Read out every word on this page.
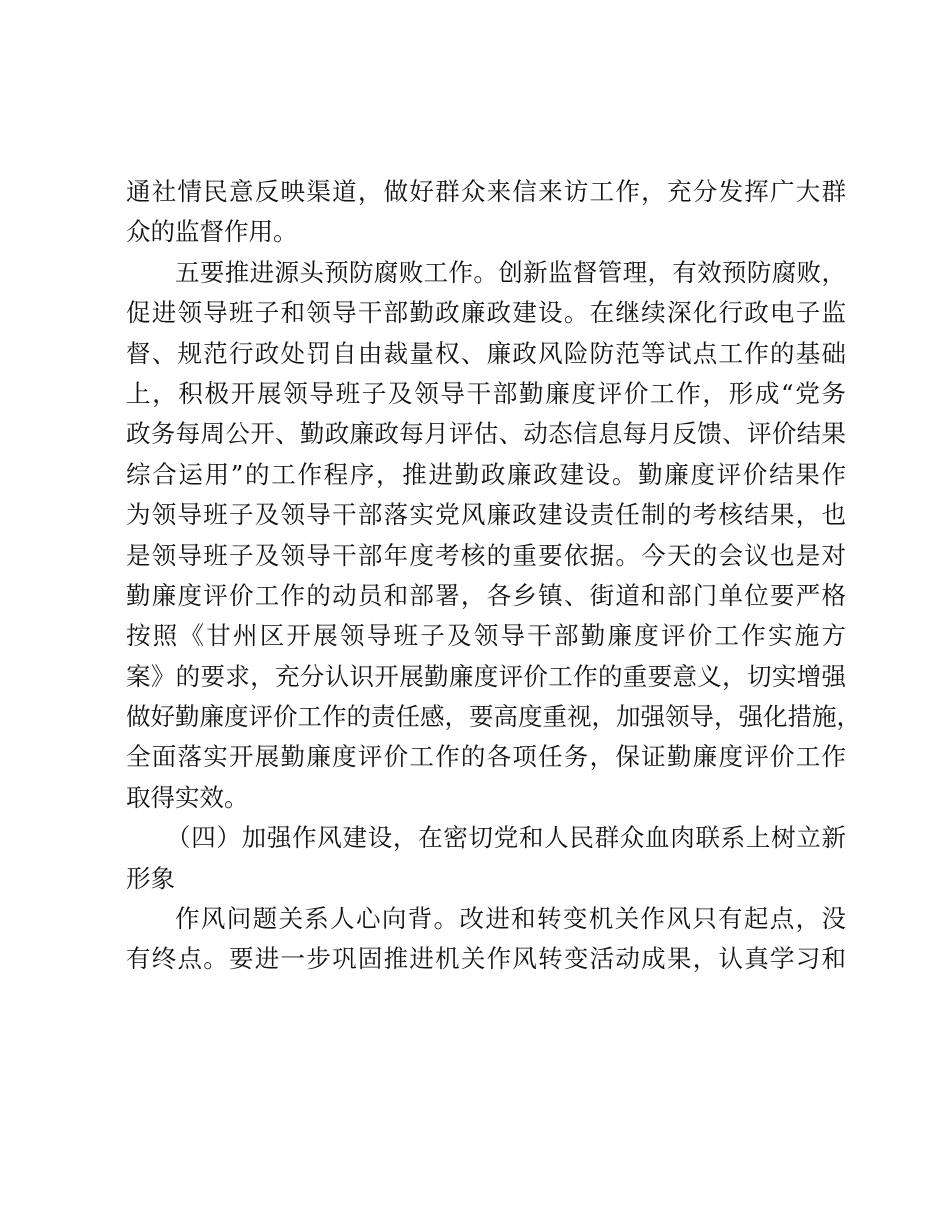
通社情民意反映渠道，做好群众来信来访工作，充分发挥广大群
众的监督作用。
五要推进源头预防腐败工作。创新监督管理，有效预防腐败，
促进领导班子和领导干部勤政廉政建设。在继续深化行政电子监
督、规范行政处罚自由裁量权、廉政风险防范等试点工作的基础
上，积极开展领导班子及领导干部勤廉度评价工作，形成“党务
政务每周公开、勤政廉政每月评估、动态信息每月反馈、评价结果
综合运用”的工作程序，推进勤政廉政建设。勤廉度评价结果作
为领导班子及领导干部落实党风廉政建设责任制的考核结果，也
是领导班子及领导干部年度考核的重要依据。今天的会议也是对
勤廉度评价工作的动员和部署，各乡镇、街道和部门单位要严格
按照《甘州区开展领导班子及领导干部勤廉度评价工作实施方
案》的要求，充分认识开展勤廉度评价工作的重要意义，切实增强
做好勤廉度评价工作的责任感，要高度重视，加强领导，强化措施，
全面落实开展勤廉度评价工作的各项任务，保证勤廉度评价工作
取得实效。
（四）加强作风建设，在密切党和人民群众血肉联系上树立新
形象
作风问题关系人心向背。改进和转变机关作风只有起点，没
有终点。要进一步巩固推进机关作风转变活动成果，认真学习和
